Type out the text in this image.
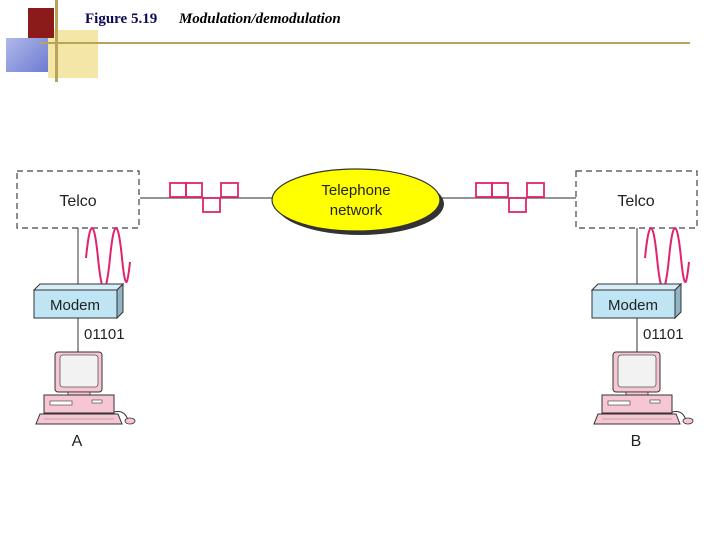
Figure 5.19 Modulation/demodulation
Telco	Telco
Telephone
network
Modem	Modem
01101	01101
A	B
